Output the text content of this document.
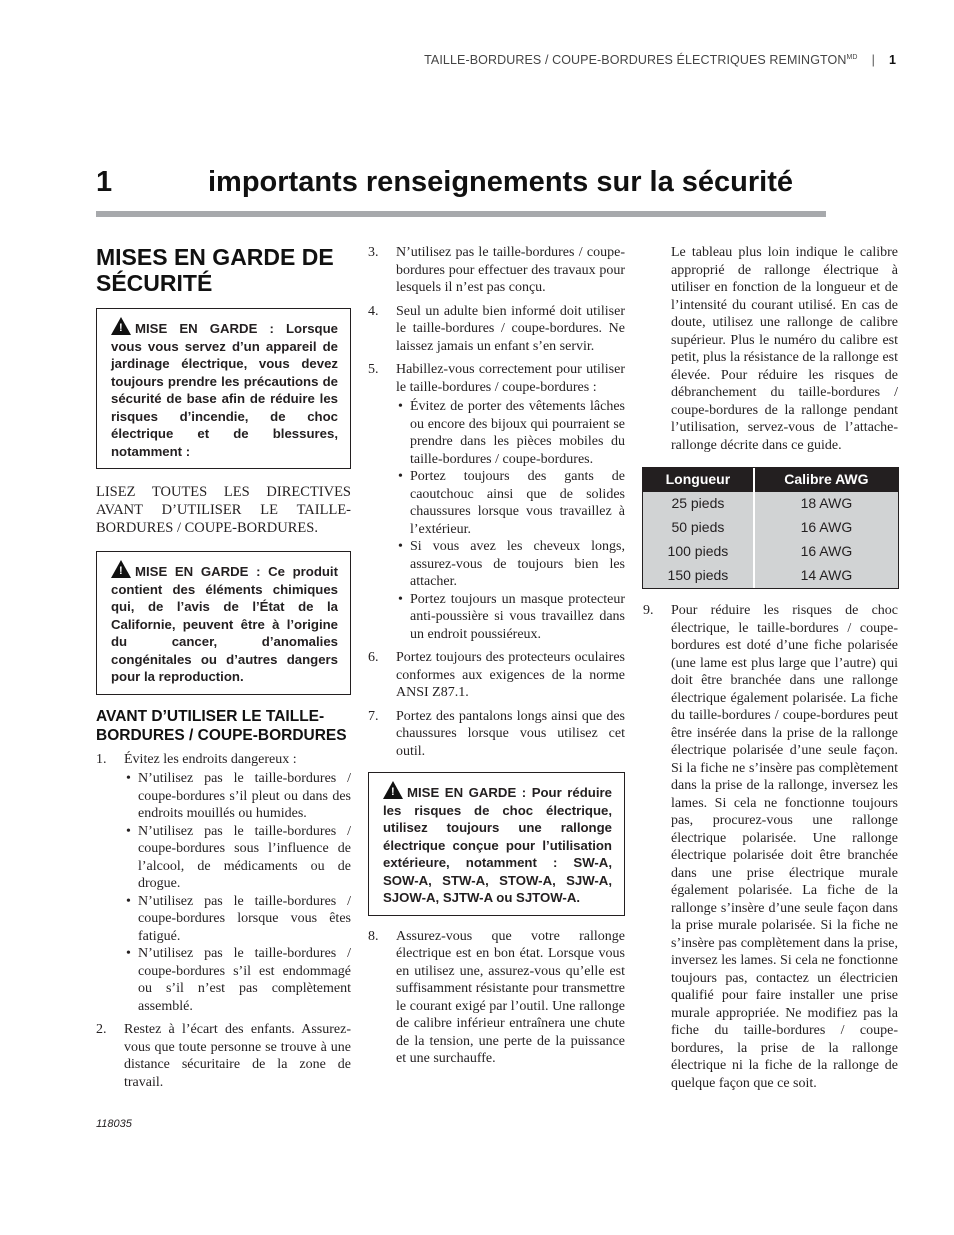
TAILLE-BORDURES / COUPE-BORDURES ÉLECTRIQUES $REMINGTON^{MD}$ | 1
1	importants renseignements sur la sécurité
MISES EN GARDE DE SÉCURITÉ
!MISE EN GARDE : Lorsque vous vous servez d’un appareil de jardinage électrique, vous devez toujours prendre les précautions de sécurité de base afin de réduire les risques d’incendie, de choc électrique et de blessures, notamment :
LISEZ TOUTES LES DIRECTIVES AVANT D’UTILISER LE TAILLE-BORDURES / COUPE-BORDURES.
!MISE EN GARDE : Ce produit contient des éléments chimiques qui, de l’avis de l’État de la Californie, peuvent être à l’origine du cancer, d’anomalies congénitales ou d’autres dangers pour la reproduction.
AVANT D’UTILISER LE TAILLE-BORDURES / COUPE-BORDURES
1. Évitez les endroits dangereux :
• N’utilisez pas le taille-bordures / coupe-bordures s’il pleut ou dans des endroits mouillés ou humides.
• N’utilisez pas le taille-bordures / coupe-bordures sous l’influence de l’alcool, de médicaments ou de drogue.
• N’utilisez pas le taille-bordures / coupe-bordures lorsque vous êtes fatigué.
• N’utilisez pas le taille-bordures / coupe-bordures s’il est endommagé ou s’il n’est pas complètement assemblé.
2. Restez à l’écart des enfants. Assurez-vous que toute personne se trouve à une distance sécuritaire de la zone de travail.
3. N’utilisez pas le taille-bordures / coupe-bordures pour effectuer des travaux pour lesquels il n’est pas conçu.
4. Seul un adulte bien informé doit utiliser le taille-bordures / coupe-bordures. Ne laissez jamais un enfant s’en servir.
5. Habillez-vous correctement pour utiliser le taille-bordures / coupe-bordures :
• Évitez de porter des vêtements lâches ou encore des bijoux qui pourraient se prendre dans les pièces mobiles du taille-bordures / coupe-bordures.
• Portez toujours des gants de caoutchouc ainsi que de solides chaussures lorsque vous travaillez à l’extérieur.
• Si vous avez les cheveux longs, assurez-vous de toujours bien les attacher.
• Portez toujours un masque protecteur anti-poussière si vous travaillez dans un endroit poussiéreux.
6. Portez toujours des protecteurs oculaires conformes aux exigences de la norme ANSI Z87.1.
7. Portez des pantalons longs ainsi que des chaussures lorsque vous utilisez cet outil.
!MISE EN GARDE : Pour réduire les risques de choc électrique, utilisez toujours une rallonge électrique conçue pour l’utilisation extérieure, notamment : SW-A, SOW-A, STW-A, STOW-A, SJW-A, SJOW-A, SJTW-A ou SJTOW-A.
8. Assurez-vous que votre rallonge électrique est en bon état. Lorsque vous en utilisez une, assurez-vous qu’elle est suffisamment résistante pour transmettre le courant exigé par l’outil. Une rallonge de calibre inférieur entraînera une chute de la tension, une perte de la puissance et une surchauffe.
Le tableau plus loin indique le calibre approprié de rallonge électrique à utiliser en fonction de la longueur et de l’intensité du courant utilisé. En cas de doute, utilisez une rallonge de calibre supérieur. Plus le numéro du calibre est petit, plus la résistance de la rallonge est élevée. Pour réduire les risques de débranchement du taille-bordures / coupe-bordures de la rallonge pendant l’utilisation, servez-vous de l’attache-rallonge décrite dans ce guide.
Longueur	Calibre AWG
25 pieds	18 AWG
50 pieds	16 AWG
100 pieds	16 AWG
150 pieds	14 AWG
9. Pour réduire les risques de choc électrique, le taille-bordures / coupe-bordures est doté d’une fiche polarisée (une lame est plus large que l’autre) qui doit être branchée dans une rallonge électrique également polarisée. La fiche du taille-bordures / coupe-bordures peut être insérée dans la prise de la rallonge électrique polarisée d’une seule façon. Si la fiche ne s’insère pas complètement dans la prise de la rallonge, inversez les lames. Si cela ne fonctionne toujours pas, procurez-vous une rallonge électrique polarisée. Une rallonge électrique polarisée doit être branchée dans une prise électrique murale également polarisée. La fiche de la rallonge s’insère d’une seule façon dans la prise murale polarisée. Si la fiche ne s’insère pas complètement dans la prise, inversez les lames. Si cela ne fonctionne toujours pas, contactez un électricien qualifié pour faire installer une prise murale appropriée. Ne modifiez pas la fiche du taille-bordures / coupe-bordures, la prise de la rallonge électrique ni la fiche de la rallonge de quelque façon que ce soit.
118035
